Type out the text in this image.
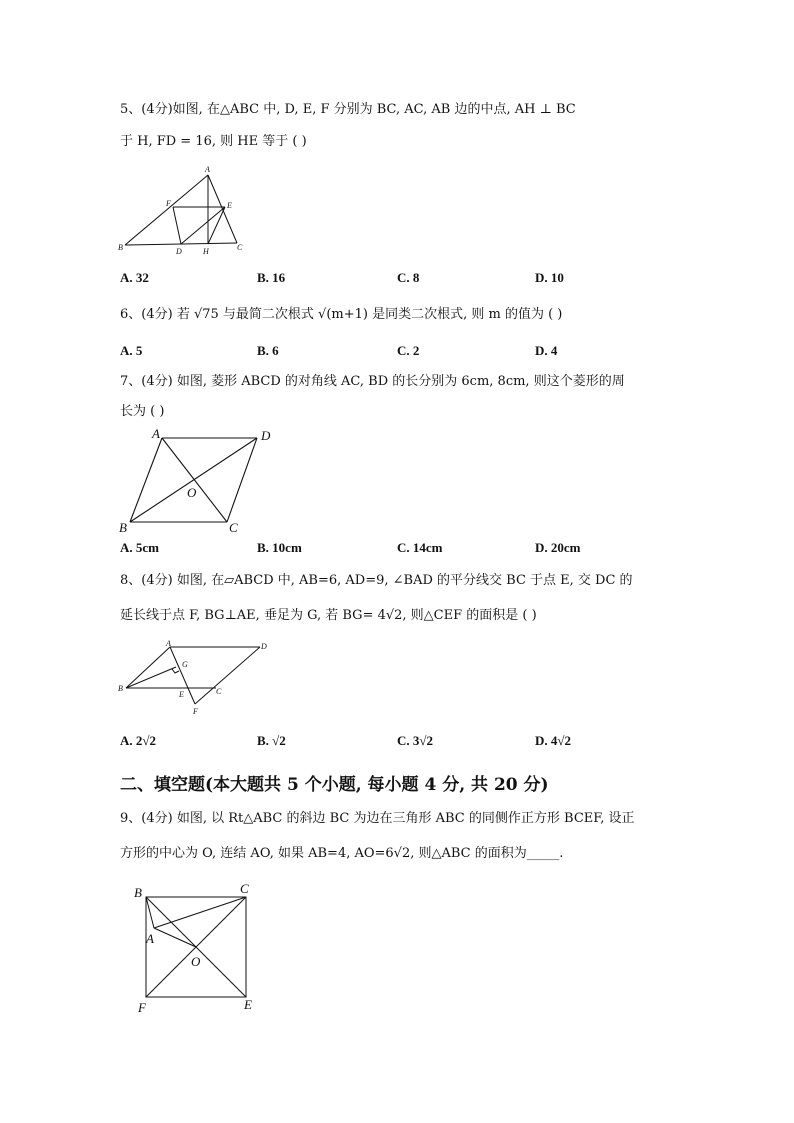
5、(4分)如图, 在△ABC 中, D, E, F 分别为 BC, AC, AB 边的中点, AH ⊥ BC
于 H, FD = 16, 则 HE 等于 ( )
A
F	E
B	D	H	C
A. 32	B. 16	C. 8	D. 10
6、(4分) 若 √75 与最简二次根式 √(m+1) 是同类二次根式, 则 m 的值为 ( )
A. 5	B. 6	C. 2	D. 4
7、(4分) 如图, 菱形 ABCD 的对角线 AC, BD 的长分别为 6cm, 8cm, 则这个菱形的周
长为 ( )
A	D
O
B	C
A. 5cm	B. 10cm	C. 14cm	D. 20cm
8、(4分) 如图, 在▱ABCD 中, AB=6, AD=9, ∠BAD 的平分线交 BC 于点 E, 交 DC 的
延长线于点 F, BG⊥AE, 垂足为 G, 若 BG= 4√2, 则△CEF 的面积是 ( )
A	D
G
B
E	C
F
A. 2√2	B. √2	C. 3√2	D. 4√2
二、填空题(本大题共 5 个小题, 每小题 4 分, 共 20 分)
9、(4分) 如图, 以 Rt△ABC 的斜边 BC 为边在三角形 ABC 的同侧作正方形 BCEF, 设正
方形的中心为 O, 连结 AO, 如果 AB=4, AO=6√2, 则△ABC 的面积为_____.
B	C
A
O
F	E
